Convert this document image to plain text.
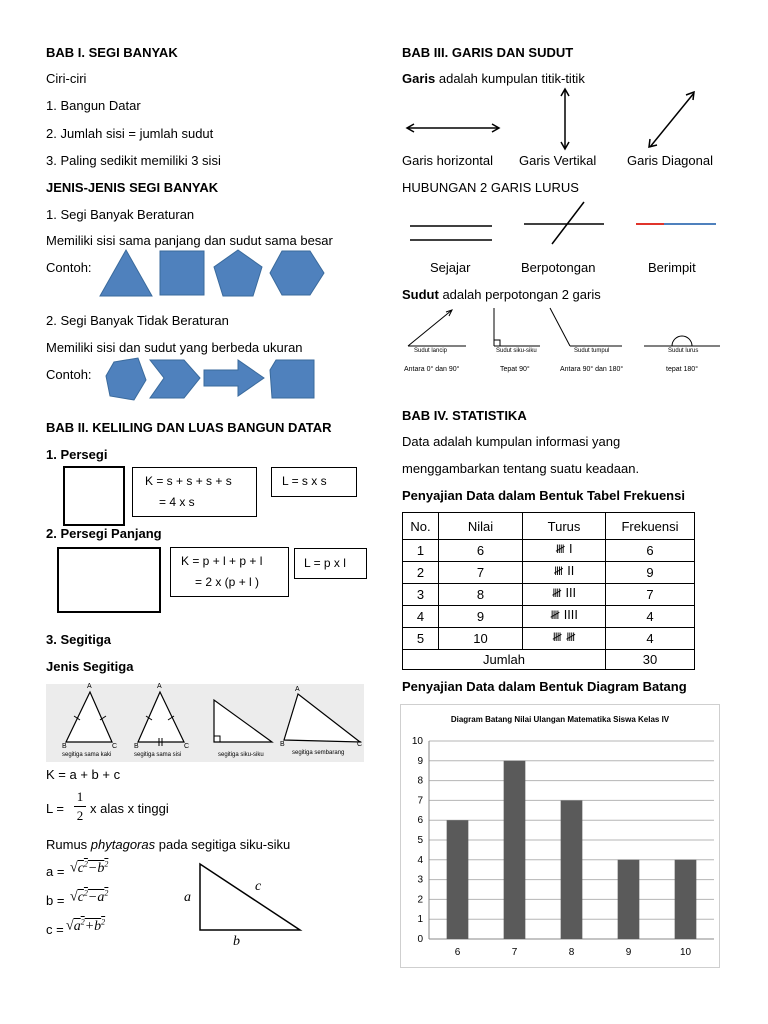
BAB I. SEGI BANYAK
Ciri-ciri
1. Bangun Datar
2. Jumlah sisi = jumlah sudut
3. Paling sedikit memiliki 3 sisi
JENIS-JENIS SEGI BANYAK
1. Segi Banyak Beraturan
Memiliki sisi sama panjang dan sudut sama besar
Contoh:
2. Segi Banyak Tidak Beraturan
Memiliki sisi dan sudut yang berbeda ukuran
Contoh:
BAB II. KELILING DAN LUAS BANGUN DATAR
1. Persegi
K = s + s + s + s
= 4 x s
L = s x s
2. Persegi Panjang
K = p + l + p + l
= 2 x (p + l )
L = p x l
3. Segitiga
Jenis Segitiga
A
B	C
A
B	C
A
B	C
segitiga sama kaki	segitiga sama sisi	segitiga siku-siku	segitiga sembarang
K = a + b + c
L =
1
2 x alas x tinggi
Rumus phytagoras pada segitiga siku-siku
$a = √c^2-b^2$
$b = √c^2-a^2$
$c = √a^2+b^2$
a
c
b
BAB III. GARIS DAN SUDUT
Garis adalah kumpulan titik-titik
Garis horizontal Garis Vertikal Garis Diagonal
HUBUNGAN 2 GARIS LURUS
Sejajar	Berpotongan	Berimpit
Sudut adalah perpotongan 2 garis
Sudut lancip	Sudut siku-siku	Sudut tumpul	Sudut lurus
Antara 0° dan 90°	Tepat 90°	Antara 90° dan 180°	tepat 180°
BAB IV. STATISTIKA
Data adalah kumpulan informasi yang
menggambarkan tentang suatu keadaan.
Penyajian Data dalam Bentuk Tabel Frekuensi
No.	Nilai	Turus	Frekuensi
1	6	𝍸 I	6
2	7	𝍸 II	9
3	8	𝍸 III	7
4	9	𝍸 IIII	4
5	10	𝍸 𝍸	4
Jumlah			30
Penyajian Data dalam Bentuk Diagram Batang
Diagram Batang Nilai Ulangan Matematika Siswa Kelas IV
0
1
2
3
4
5
6
7
8
9
10
6	7	8	9	10
